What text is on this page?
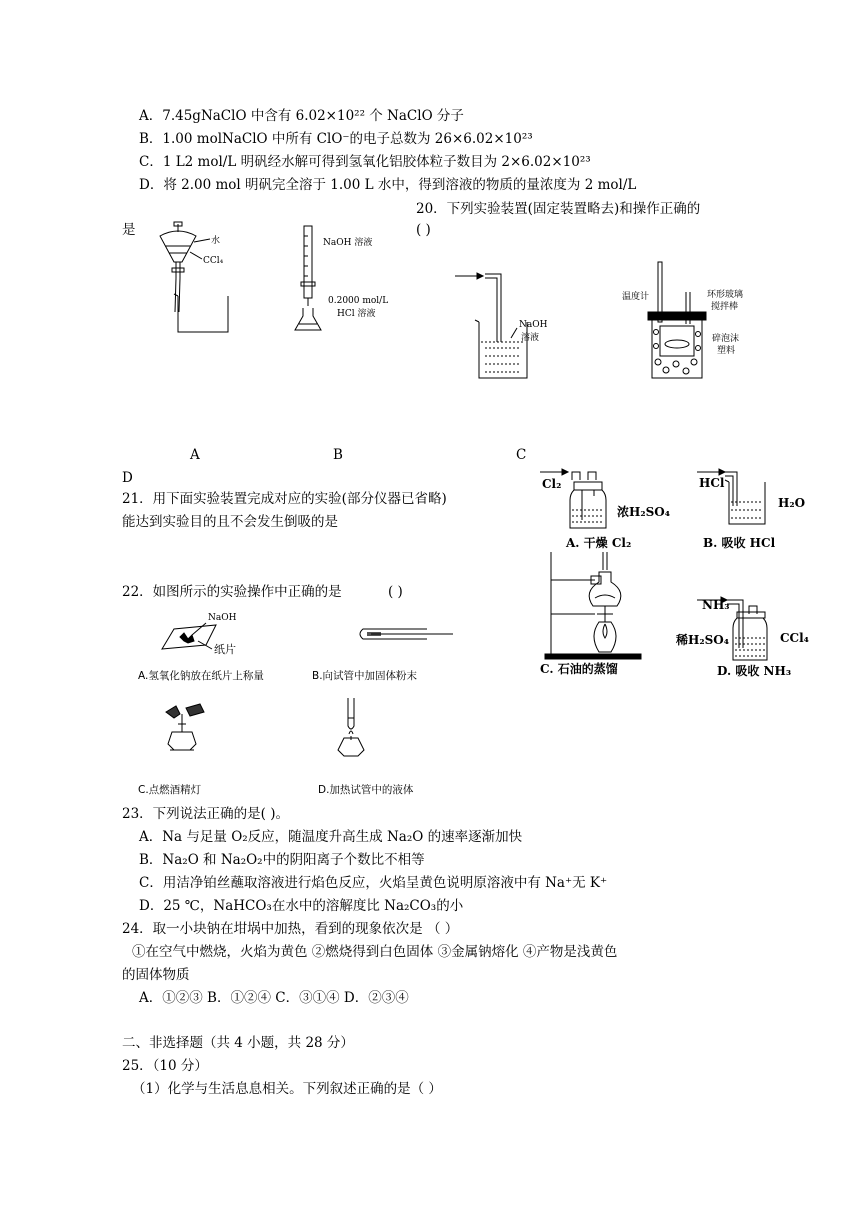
A．7.45gNaClO 中含有 6.02×10²² 个 NaClO 分子
B．1.00 molNaClO 中所有 ClO⁻的电子总数为 26×6.02×10²³
C．1 L2 mol/L 明矾经水解可得到氢氧化铝胶体粒子数目为 2×6.02×10²³
D．将 2.00 mol 明矾完全溶于 1.00 L 水中，得到溶液的物质的量浓度为 2 mol/L
20．下列实验装置(固定装置略去)和操作正确的
是	( )
水
CCl₄
NaOH 溶液
0.2000 mol/L
HCl 溶液
NaOH
溶液
温度计	环形玻璃
搅拌棒
碎泡沫
塑料
A	B	C
D
21．用下面实验装置完成对应的实验(部分仪器已省略)
能达到实验目的且不会发生倒吸的是
Cl₂
浓H₂SO₄
A. 干燥 Cl₂
HCl
H₂O
B. 吸收 HCl
C. 石油的蒸馏
NH₃
稀H₂SO₄	CCl₄
D. 吸收 NH₃
22．如图所示的实验操作中正确的是	( )
NaOH
纸片
A.氢氧化钠放在纸片上称量	B.向试管中加固体粉末
C.点燃酒精灯	D.加热试管中的液体
23．下列说法正确的是( )。
A．Na 与足量 O₂反应，随温度升高生成 Na₂O 的速率逐渐加快
B．Na₂O 和 Na₂O₂中的阴阳离子个数比不相等
C．用洁净铂丝蘸取溶液进行焰色反应，火焰呈黄色说明原溶液中有 Na⁺无 K⁺
D．25 ℃，NaHCO₃在水中的溶解度比 Na₂CO₃的小
24．取一小块钠在坩埚中加热，看到的现象依次是 （ ）
①在空气中燃烧，火焰为黄色 ②燃烧得到白色固体 ③金属钠熔化 ④产物是浅黄色
的固体物质
A．①②③ B．①②④ C．③①④ D．②③④
二、非选择题（共 4 小题，共 28 分）
25．（10 分）
（1）化学与生活息息相关。下列叙述正确的是（ ）
